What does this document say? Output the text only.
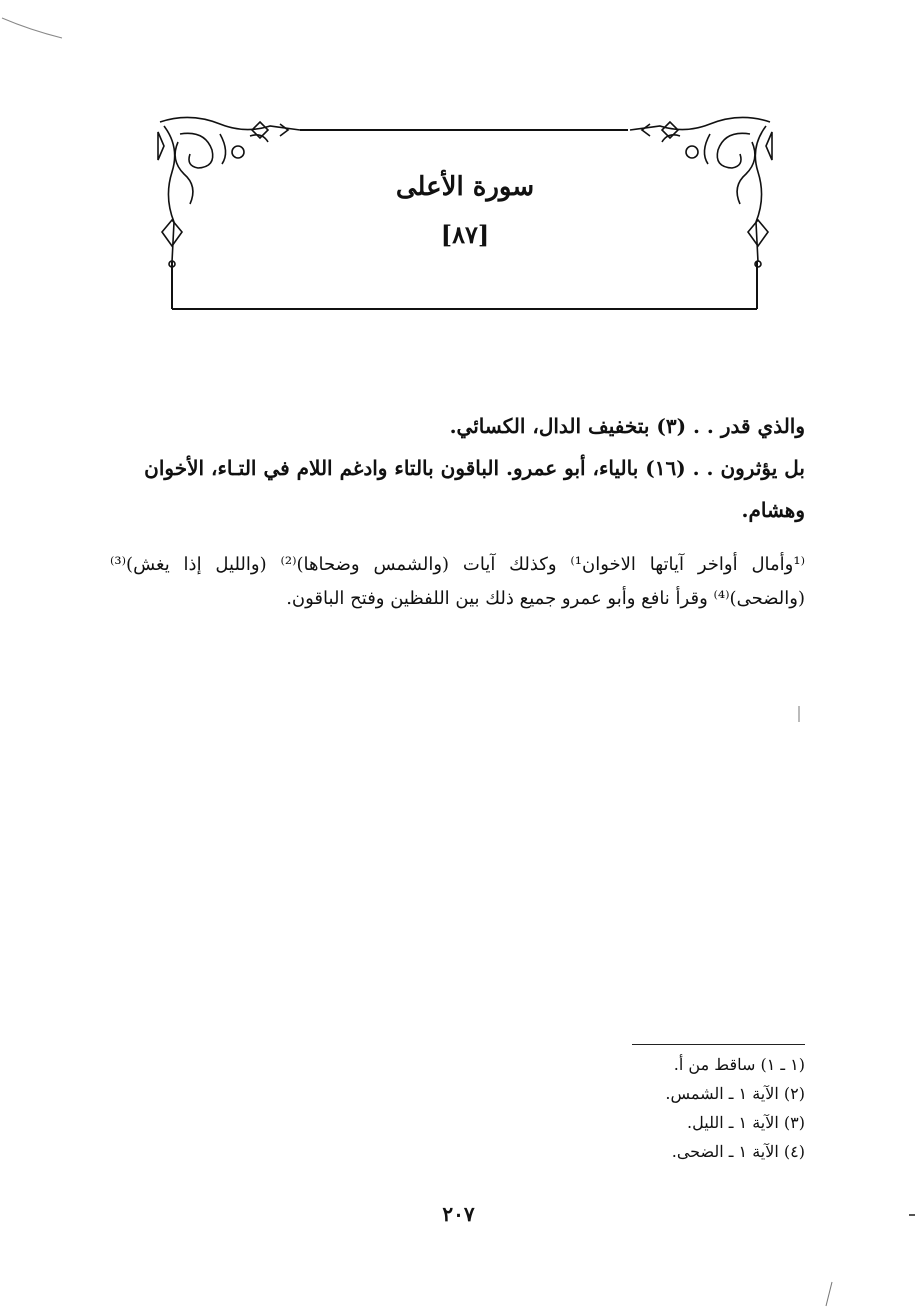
سورة الأعلى
[٨٧]

والذي قدر . . (٣) بتخفيف الدال، الكسائي.

بل يؤثرون . . (١٦) بالياء، أبو عمرو. الباقون بالتاء وادغم اللام في التـاء، الأخوان وهشام.

⁽¹وأمال أواخر آياتها الاخوان¹⁾ وكذلك آيات (والشمس وضحاها)⁽²⁾ (والليل إذا يغش)⁽³⁾ (والضحى)⁽⁴⁾ وقرأ نافع وأبو عمرو جميع ذلك بين اللفظين وفتح الباقون.

(١ ـ ١) ساقط من أ.
(٢) الآية ١ ـ الشمس.
(٣) الآية ١ ـ الليل.
(٤) الآية ١ ـ الضحى.
٢٠٧
